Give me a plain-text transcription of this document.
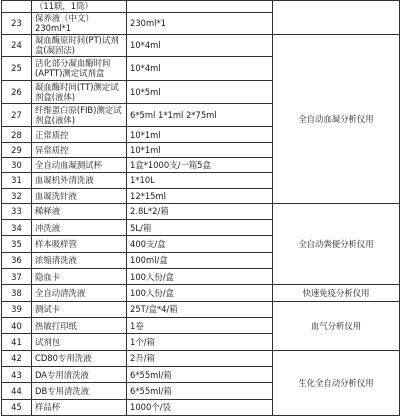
	（11联，1筒）		
23	保养液（中文）230ml*1	230ml*1	
24	凝血酶原时间(PT)试剂盒(凝固法)	10*4ml	全自动血凝分析仪用
25	活化部分凝血酶时间(APTT)测定试剂盒	10*4ml	
26	凝血酶时间(TT)测定试剂盒(液体)	10*5ml	
27	纤维蛋白原(FIB)测定试剂盒(液体)	6*5ml 1*1ml 2*75ml	
28	正常质控	10*1ml	
29	异常质控	10*1ml	
30	全自动血凝测试杯	1盒*1000支/一箱5盒	
31	血凝机外清洗液	1*10L	
32	血凝洗针液	12*15ml	
33	稀释液	2.8L*2/箱	全自动粪便分析仪用
34	冲洗液	5L/箱	
35	样本吸样管	400支/盒	
36	浓缩清洗液	100ml/盒	
37	隐血卡	100人份/盒	
38	全自动清洗液	100人份/盒	快速免疫分析仪用
39	测试卡	25T/盒*4/箱	血气分析仪用
40	热敏打印纸	1卷	
41	试剂包	1个/箱	
42	CD80专用洗液	2升/箱	生化全自动分析仪用
43	DA专用清洗液	6*55ml/箱	
44	DB专用清洗液	6*55ml/箱	
45	样品杯	1000个/袋	
